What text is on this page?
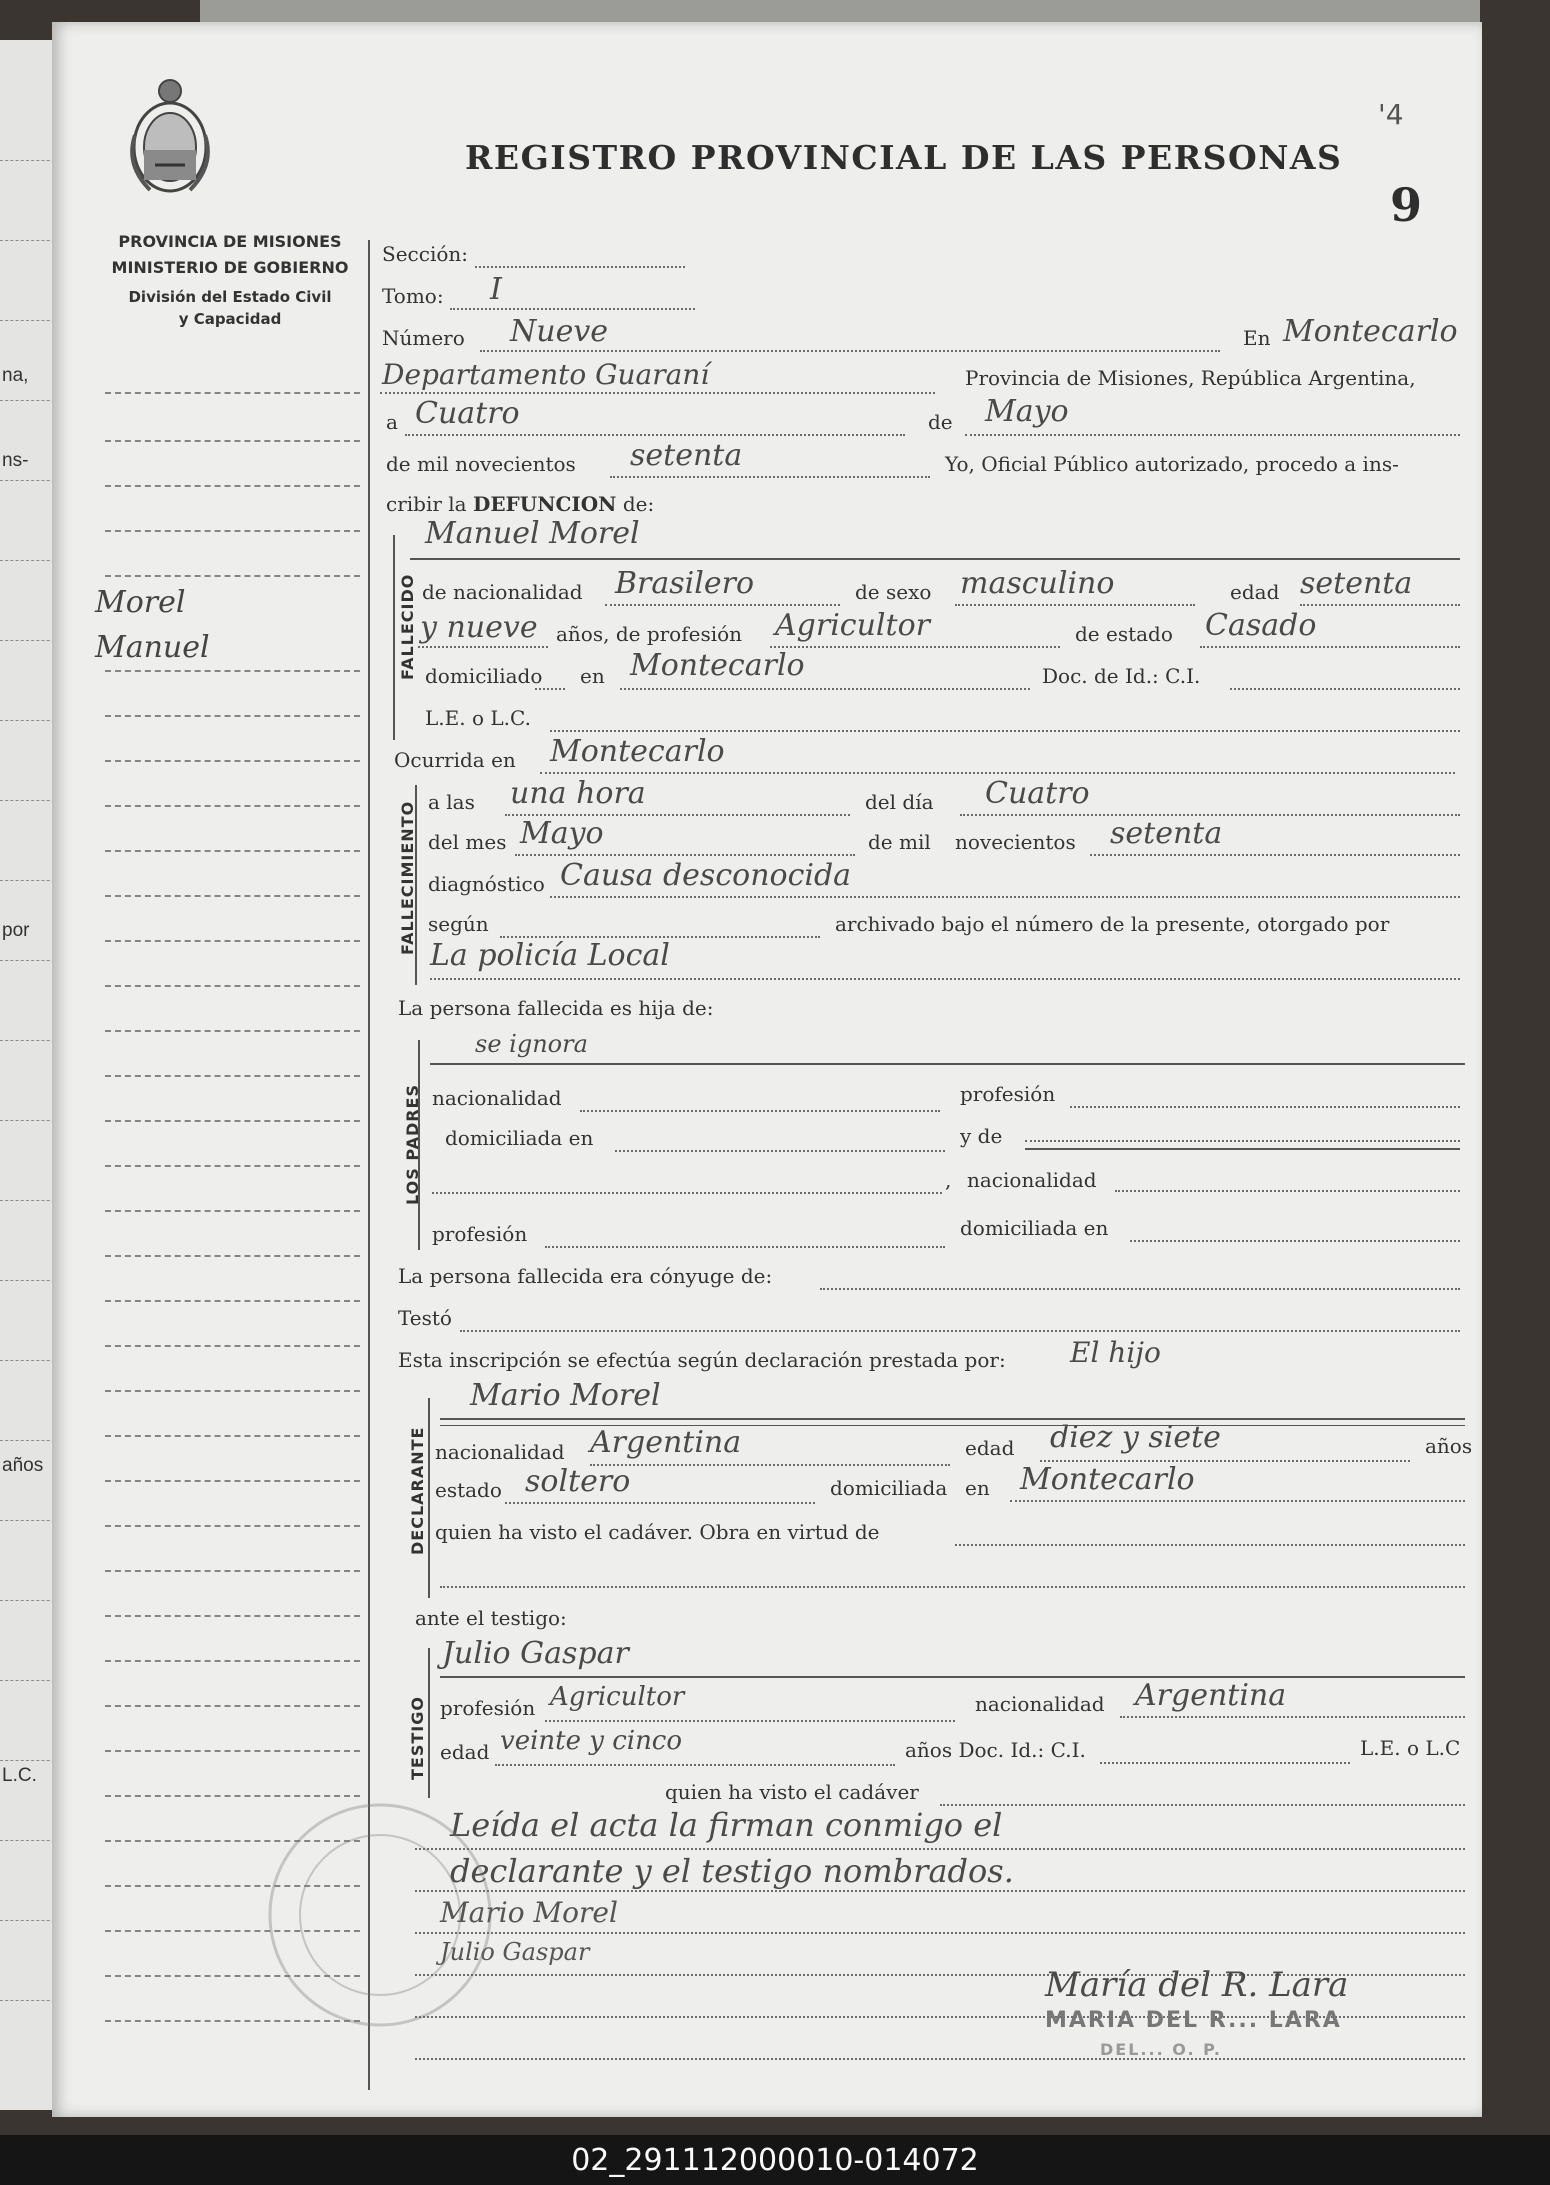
na,
ns-
por
años
L.C.
REGISTRO PROVINCIAL DE LAS PERSONAS
'4
9
PROVINCIA DE MISIONES
MINISTERIO DE GOBIERNO
División del Estado Civil
y Capacidad
Morel
Manuel
Sección:
Tomo: I
Número Nueve	En Montecarlo
Departamento Guaraní	Provincia de Misiones, República Argentina,
a Cuatro	de Mayo
de mil novecientos setenta	Yo, Oficial Público autorizado, procedo a ins-
cribir la DEFUNCION de:
FALLECIDO
Manuel Morel
de nacionalidad Brasilero	de sexo masculino	edad setenta
y nueve años, de profesión Agricultor	de estado Casado
domiciliado en Montecarlo	Doc. de Id.: C.I.
L.E. o L.C.
Ocurrida en Montecarlo
FALLECIMIENTO a las una hora	del día Cuatro
del mes Mayo	de mil novecientos setenta
diagnóstico Causa desconocida
según	archivado bajo el número de la presente, otorgado por
La policía Local
La persona fallecida es hija de:
LOS PADRES
se ignora
nacionalidad	profesión
domiciliada en	y de
, nacionalidad
profesión	domiciliada en
La persona fallecida era cónyuge de:
Testó
Esta inscripción se efectúa según declaración prestada por: El hijo
DECLARANTE
Mario Morel
nacionalidad Argentina	edad diez y siete	años
estado soltero	domiciliada en Montecarlo
quien ha visto el cadáver. Obra en virtud de
ante el testigo:
TESTIGO
Julio Gaspar
profesión Agricultor	nacionalidad Argentina
edad veinte y cinco	años Doc. Id.: C.I.	L.E. o L.C
quien ha visto el cadáver
Leída el acta la firman conmigo el
declarante y el testigo nombrados.
Mario Morel
Julio Gaspar
María del R. Lara
MARIA DEL R... LARA
DEL... O. P.
02_291112000010-014072
